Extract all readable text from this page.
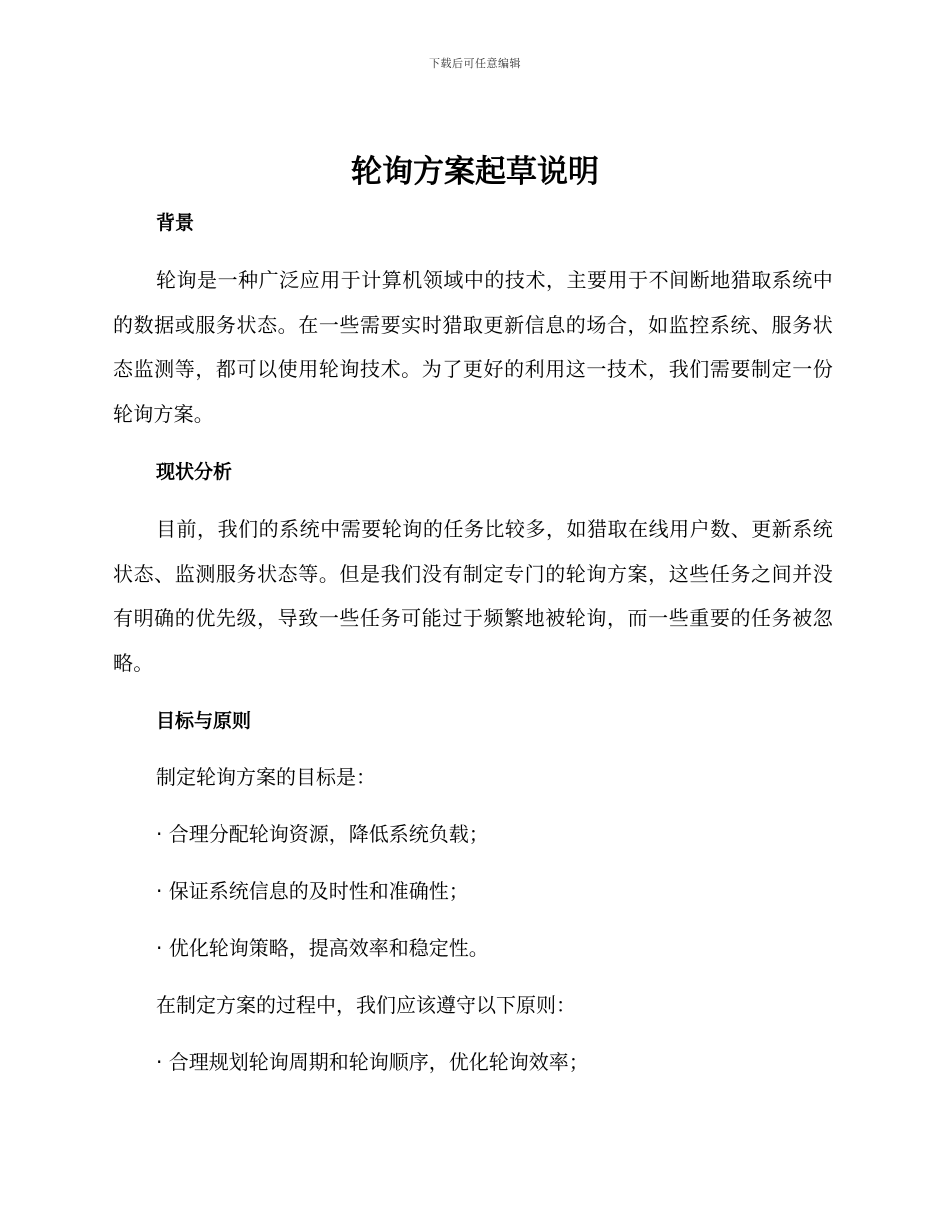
下载后可任意编辑
轮询方案起草说明
背景

轮询是一种广泛应用于计算机领域中的技术，主要用于不间断地猎取系统中的数据或服务状态。在一些需要实时猎取更新信息的场合，如监控系统、服务状态监测等，都可以使用轮询技术。为了更好的利用这一技术，我们需要制定一份轮询方案。

现状分析

目前，我们的系统中需要轮询的任务比较多，如猎取在线用户数、更新系统状态、监测服务状态等。但是我们没有制定专门的轮询方案，这些任务之间并没有明确的优先级，导致一些任务可能过于频繁地被轮询，而一些重要的任务被忽略。

目标与原则

制定轮询方案的目标是：

· 合理分配轮询资源，降低系统负载；

· 保证系统信息的及时性和准确性；

· 优化轮询策略，提高效率和稳定性。

在制定方案的过程中，我们应该遵守以下原则：

· 合理规划轮询周期和轮询顺序，优化轮询效率；
